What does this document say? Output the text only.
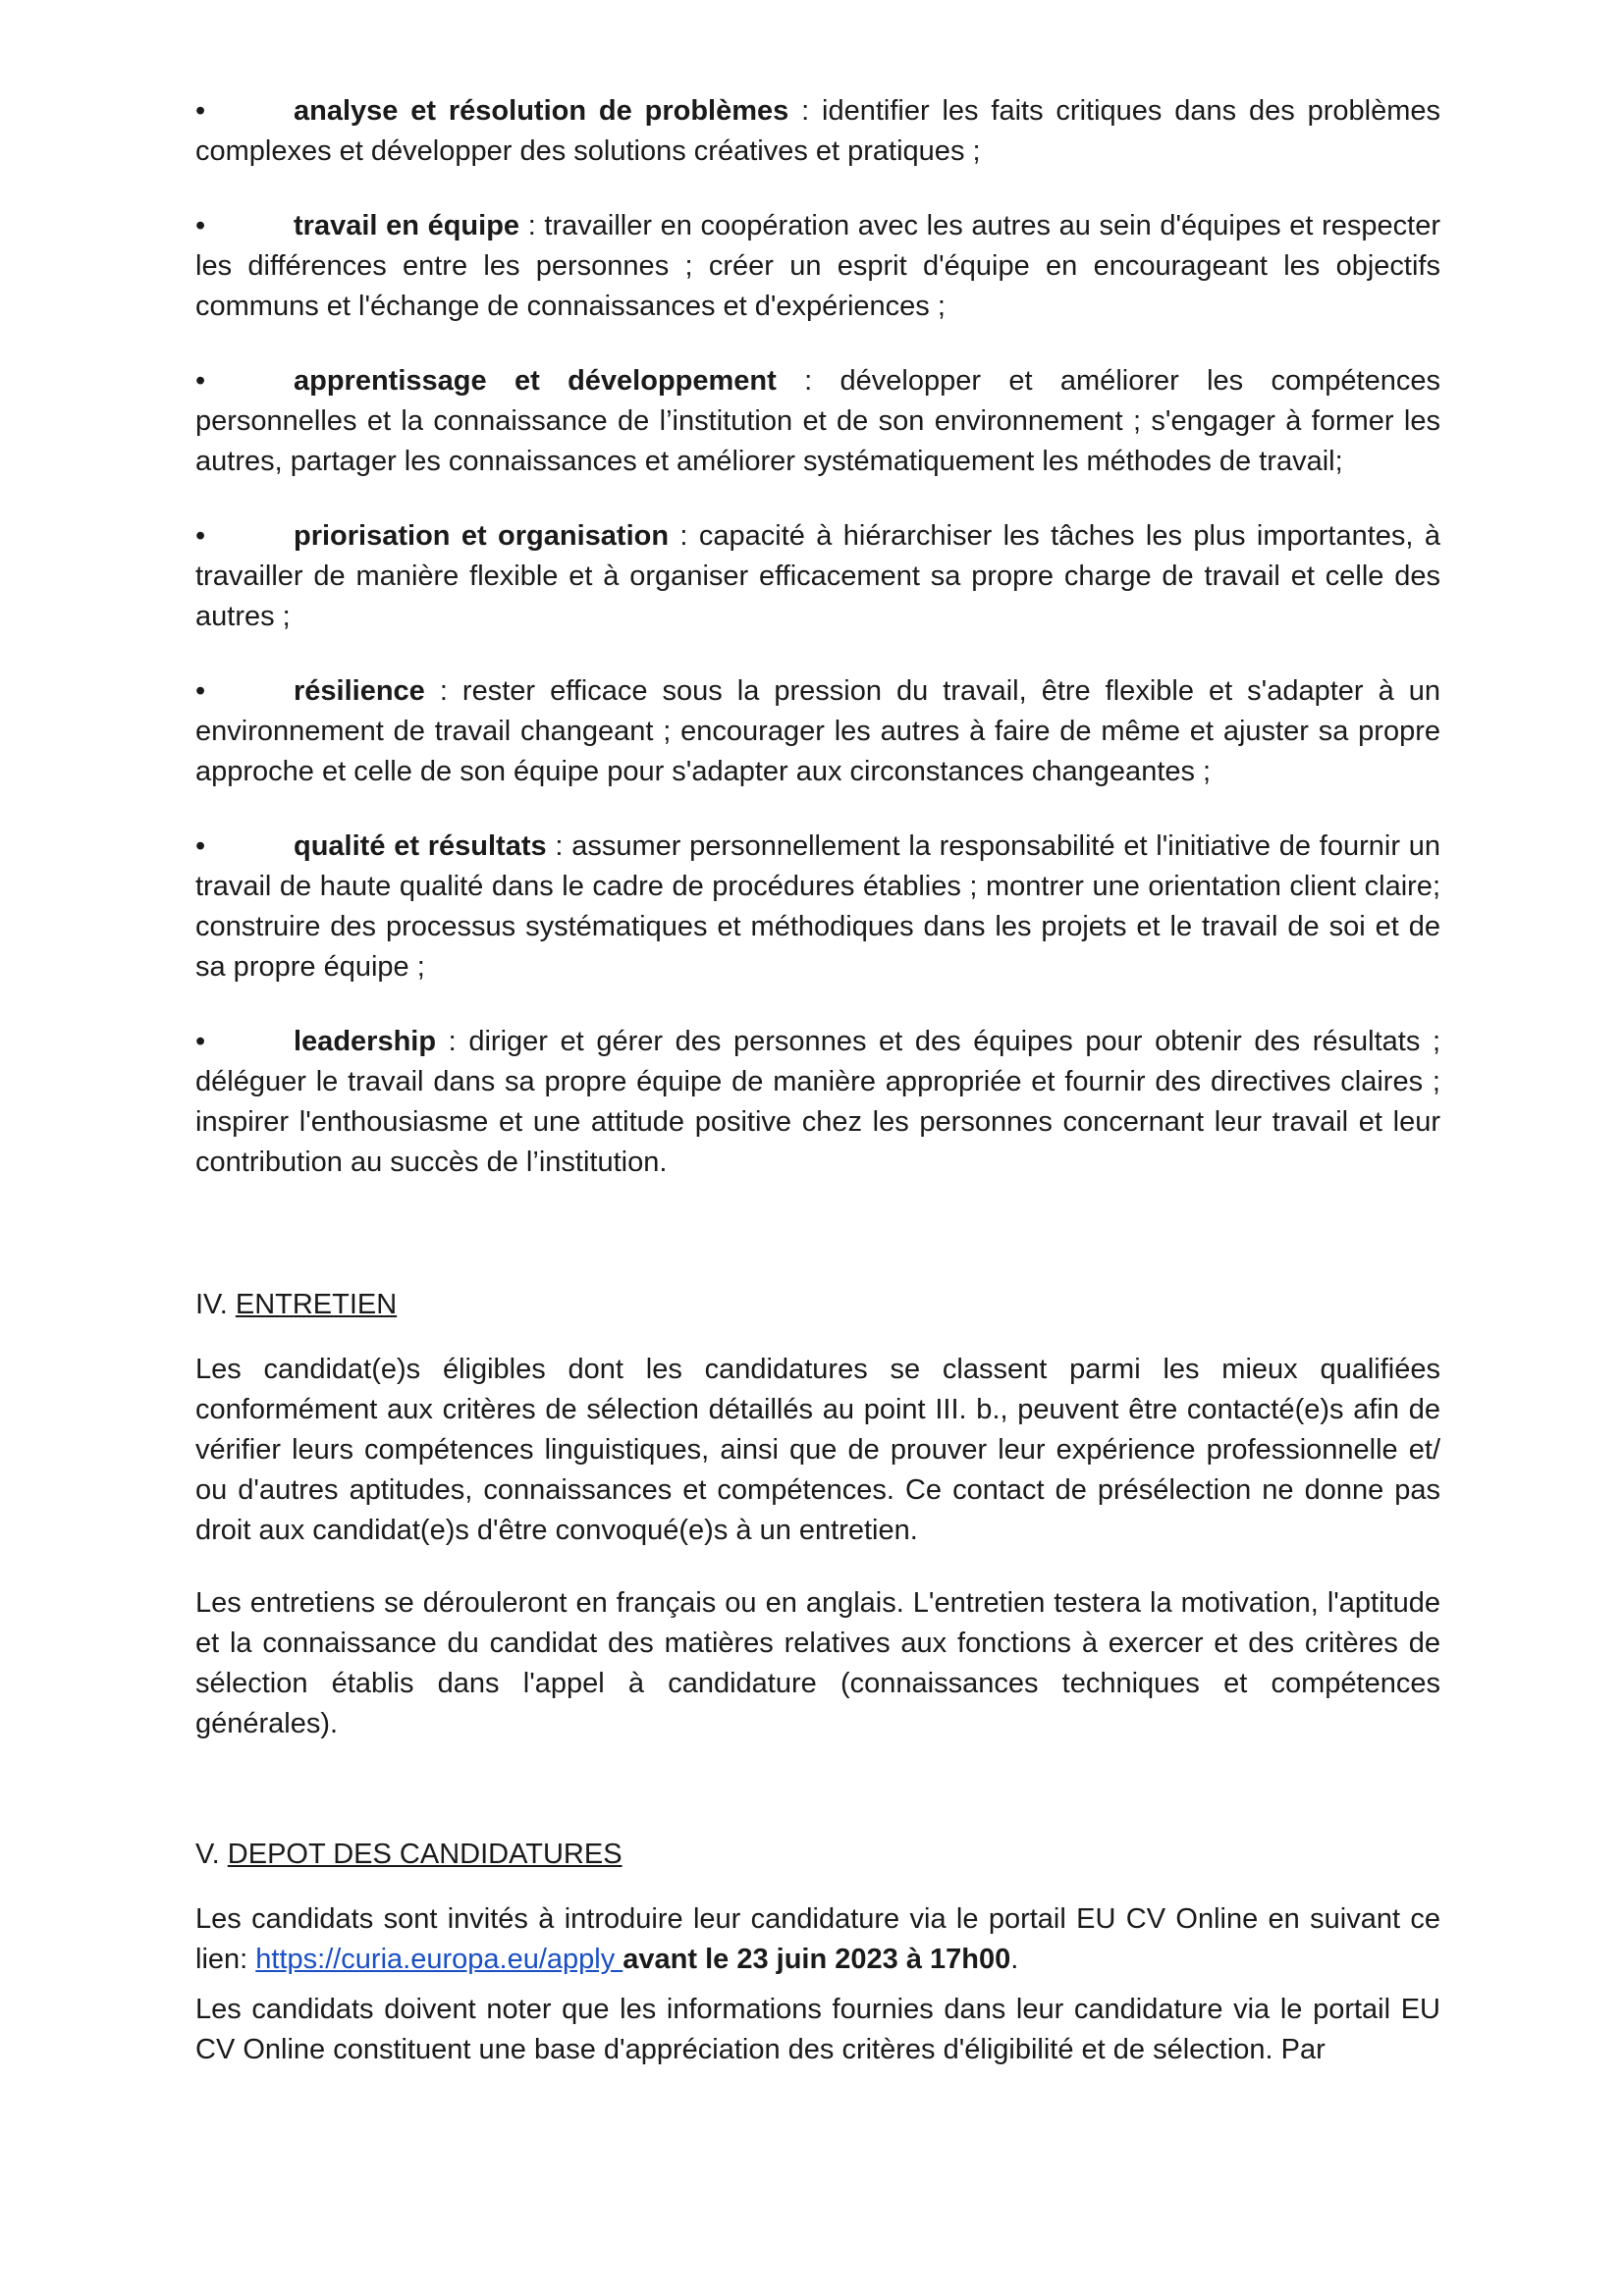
•	analyse et résolution de problèmes : identifier les faits critiques dans des problèmes complexes et développer des solutions créatives et pratiques ;

•	travail en équipe : travailler en coopération avec les autres au sein d'équipes et respecter les différences entre les personnes ; créer un esprit d'équipe en encourageant les objectifs communs et l'échange de connaissances et d'expériences ;

•	apprentissage et développement : développer et améliorer les compétences personnelles et la connaissance de l’institution et de son environnement ; s'engager à former les autres, partager les connaissances et améliorer systématiquement les méthodes de travail;

•	priorisation et organisation : capacité à hiérarchiser les tâches les plus importantes, à travailler de manière flexible et à organiser efficacement sa propre charge de travail et celle des autres ;

•	résilience : rester efficace sous la pression du travail, être flexible et s'adapter à un environnement de travail changeant ; encourager les autres à faire de même et ajuster sa propre approche et celle de son équipe pour s'adapter aux circonstances changeantes ;

•	qualité et résultats : assumer personnellement la responsabilité et l'initiative de fournir un travail de haute qualité dans le cadre de procédures établies ; montrer une orientation client claire; construire des processus systématiques et méthodiques dans les projets et le travail de soi et de sa propre équipe ;

•	leadership : diriger et gérer des personnes et des équipes pour obtenir des résultats ; déléguer le travail dans sa propre équipe de manière appropriée et fournir des directives claires ; inspirer l'enthousiasme et une attitude positive chez les personnes concernant leur travail et leur contribution au succès de l’institution.

IV. ENTRETIEN

Les candidat(e)s éligibles dont les candidatures se classent parmi les mieux qualifiées conformément aux critères de sélection détaillés au point III. b., peuvent être contacté(e)s afin de vérifier leurs compétences linguistiques, ainsi que de prouver leur expérience professionnelle et/ ou d'autres aptitudes, connaissances et compétences. Ce contact de présélection ne donne pas droit aux candidat(e)s d'être convoqué(e)s à un entretien.

Les entretiens se dérouleront en français ou en anglais. L'entretien testera la motivation, l'aptitude et la connaissance du candidat des matières relatives aux fonctions à exercer et des critères de sélection établis dans l'appel à candidature (connaissances techniques et compétences générales).

V. DEPOT DES CANDIDATURES

Les candidats sont invités à introduire leur candidature via le portail EU CV Online en suivant ce lien: https://curia.europa.eu/apply avant le 23 juin 2023 à 17h00.

Les candidats doivent noter que les informations fournies dans leur candidature via le portail EU CV Online constituent une base d'appréciation des critères d'éligibilité et de sélection. Par
